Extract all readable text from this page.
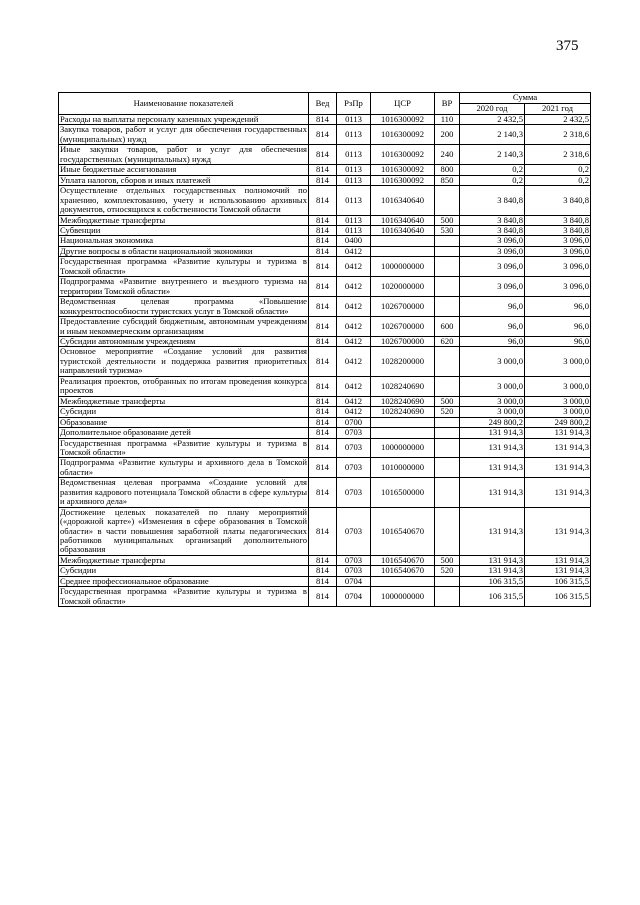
375
Наименование показателей	Вед	РзПр	ЦСР	ВР	Сумма	
					2020 год	2021 год
Расходы на выплаты персоналу казенных учреждений	814	0113	1016300092	110	2 432,5	2 432,5
Закупка товаров, работ и услуг для обеспечения государственных (муниципальных) нужд	814	0113	1016300092	200	2 140,3	2 318,6
Иные закупки товаров, работ и услуг для обеспечения государственных (муниципальных) нужд	814	0113	1016300092	240	2 140,3	2 318,6
Иные бюджетные ассигнования	814	0113	1016300092	800	0,2	0,2
Уплата налогов, сборов и иных платежей	814	0113	1016300092	850	0,2	0,2
Осуществление отдельных государственных полномочий по хранению, комплектованию, учету и использованию архивных документов, относящихся к собственности Томской области	814	0113	1016340640		3 840,8	3 840,8
Межбюджетные трансферты	814	0113	1016340640	500	3 840,8	3 840,8
Субвенции	814	0113	1016340640	530	3 840,8	3 840,8
Национальная экономика	814	0400			3 096,0	3 096,0
Другие вопросы в области национальной экономики	814	0412			3 096,0	3 096,0
Государственная программа «Развитие культуры и туризма в Томской области»	814	0412	1000000000		3 096,0	3 096,0
Подпрограмма «Развитие внутреннего и въездного туризма на территории Томской области»	814	0412	1020000000		3 096,0	3 096,0
Ведомственная целевая программа «Повышение конкурентоспособности туристских услуг в Томской области»	814	0412	1026700000		96,0	96,0
Предоставление субсидий бюджетным, автономным учреждениям и иным некоммерческим организациям	814	0412	1026700000	600	96,0	96,0
Субсидии автономным учреждениям	814	0412	1026700000	620	96,0	96,0
Основное мероприятие «Создание условий для развития туристской деятельности и поддержка развития приоритетных направлений туризма»	814	0412	1028200000		3 000,0	3 000,0
Реализация проектов, отобранных по итогам проведения конкурса проектов	814	0412	1028240690		3 000,0	3 000,0
Межбюджетные трансферты	814	0412	1028240690	500	3 000,0	3 000,0
Субсидии	814	0412	1028240690	520	3 000,0	3 000,0
Образование	814	0700			249 800,2	249 800,2
Дополнительное образование детей	814	0703			131 914,3	131 914,3
Государственная программа «Развитие культуры и туризма в Томской области»	814	0703	1000000000		131 914,3	131 914,3
Подпрограмма «Развитие культуры и архивного дела в Томской области»	814	0703	1010000000		131 914,3	131 914,3
Ведомственная целевая программа «Создание условий для развития кадрового потенциала Томской области в сфере культуры и архивного дела»	814	0703	1016500000		131 914,3	131 914,3
Достижение целевых показателей по плану мероприятий («дорожной карте») «Изменения в сфере образования в Томской области» в части повышения заработной платы педагогических работников муниципальных организаций дополнительного образования	814	0703	1016540670		131 914,3	131 914,3
Межбюджетные трансферты	814	0703	1016540670	500	131 914,3	131 914,3
Субсидии	814	0703	1016540670	520	131 914,3	131 914,3
Среднее профессиональное образование	814	0704			106 315,5	106 315,5
Государственная программа «Развитие культуры и туризма в Томской области»	814	0704	1000000000		106 315,5	106 315,5
